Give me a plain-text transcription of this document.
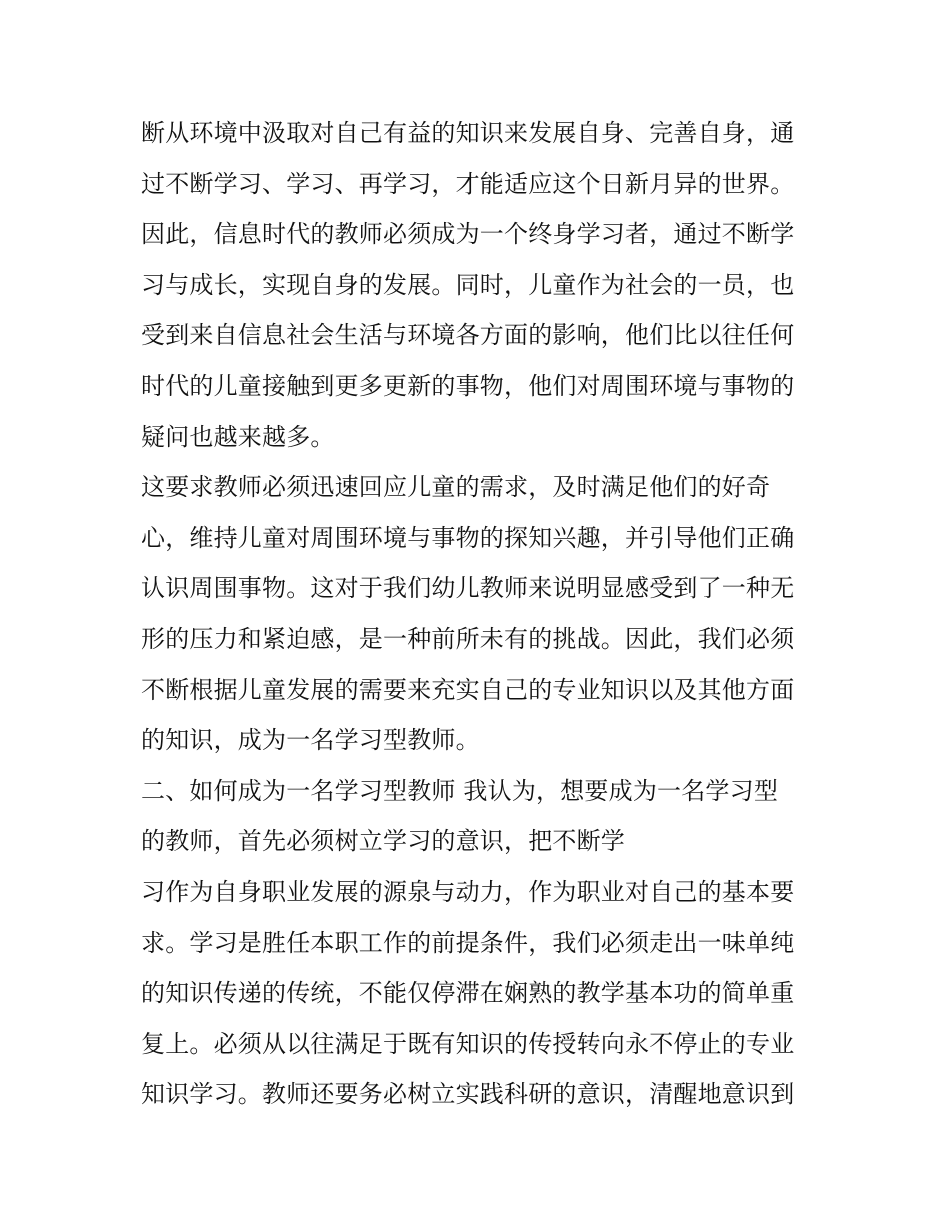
断从环境中汲取对自己有益的知识来发展自身、完善自身，通
过不断学习、学习、再学习，才能适应这个日新月异的世界。
因此，信息时代的教师必须成为一个终身学习者，通过不断学
习与成长，实现自身的发展。同时，儿童作为社会的一员，也
受到来自信息社会生活与环境各方面的影响，他们比以往任何
时代的儿童接触到更多更新的事物，他们对周围环境与事物的
疑问也越来越多。
这要求教师必须迅速回应儿童的需求，及时满足他们的好奇
心，维持儿童对周围环境与事物的探知兴趣，并引导他们正确
认识周围事物。这对于我们幼儿教师来说明显感受到了一种无
形的压力和紧迫感，是一种前所未有的挑战。因此，我们必须
不断根据儿童发展的需要来充实自己的专业知识以及其他方面
的知识，成为一名学习型教师。
二、如何成为一名学习型教师 我认为，想要成为一名学习型
的教师，首先必须树立学习的意识，把不断学
习作为自身职业发展的源泉与动力，作为职业对自己的基本要
求。学习是胜任本职工作的前提条件，我们必须走出一味单纯
的知识传递的传统，不能仅停滞在娴熟的教学基本功的简单重
复上。必须从以往满足于既有知识的传授转向永不停止的专业
知识学习。教师还要务必树立实践科研的意识，清醒地意识到
